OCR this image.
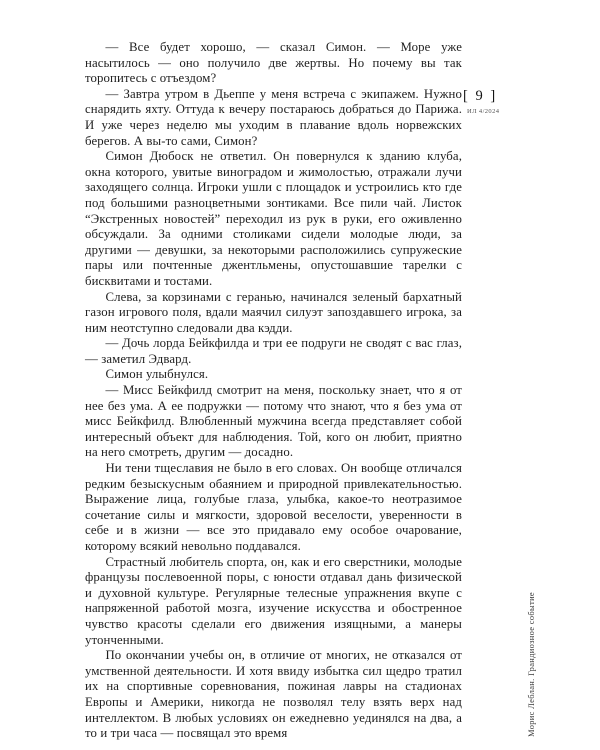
— Все будет хорошо, — сказал Симон. — Море уже насытилось — оно получило две жертвы. Но почему вы так торопитесь с отъездом?

— Завтра утром в Дьеппе у меня встреча с экипажем. Нужно снарядить яхту. Оттуда к вечеру постараюсь добраться до Парижа. И уже через неделю мы уходим в плавание вдоль норвежских берегов. А вы-то сами, Симон?

Симон Дюбоск не ответил. Он повернулся к зданию клуба, окна которого, увитые виноградом и жимолостью, отражали лучи заходящего солнца. Игроки ушли с площадок и устроились кто где под большими разноцветными зонтиками. Все пили чай. Листок “Экстренных новостей” переходил из рук в руки, его оживленно обсуждали. За одними столиками сидели молодые люди, за другими — девушки, за некоторыми расположились супружеские пары или почтенные джентльмены, опустошавшие тарелки с бисквитами и тостами.

Слева, за корзинами с геранью, начинался зеленый бархатный газон игрового поля, вдали маячил силуэт запоздавшего игрока, за ним неотступно следовали два кэдди.

— Дочь лорда Бейкфилда и три ее подруги не сводят с вас глаз, — заметил Эдвард.

Симон улыбнулся.

— Мисс Бейкфилд смотрит на меня, поскольку знает, что я от нее без ума. А ее подружки — потому что знают, что я без ума от мисс Бейкфилд. Влюбленный мужчина всегда представляет собой интересный объект для наблюдения. Той, кого он любит, приятно на него смотреть, другим — досадно.

Ни тени тщеславия не было в его словах. Он вообще отличался редким безыскусным обаянием и природной привлекательностью. Выражение лица, голубые глаза, улыбка, какое-то неотразимое сочетание силы и мягкости, здоровой веселости, уверенности в себе и в жизни — все это придавало ему особое очарование, которому всякий невольно поддавался.

Страстный любитель спорта, он, как и его сверстники, молодые французы послевоенной поры, с юности отдавал дань физической и духовной культуре. Регулярные телесные упражнения вкупе с напряженной работой мозга, изучение искусства и обостренное чувство красоты сделали его движения изящными, а манеры утонченными.

По окончании учебы он, в отличие от многих, не отказался от умственной деятельности. И хотя ввиду избытка сил щедро тратил их на спортивные соревнования, пожиная лавры на стадионах Европы и Америки, никогда не позволял телу взять верх над интеллектом. В любых условиях он ежедневно уединялся на два, а то и три часа — посвящал это время

[ 9 ]
ИЛ 4/2024
Морис Леблан. Грандиозное событие
